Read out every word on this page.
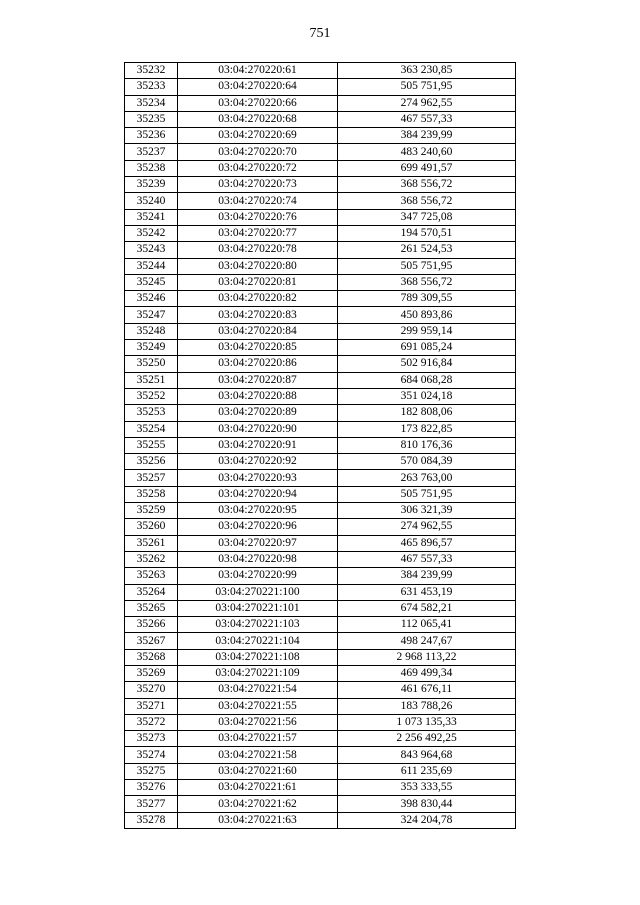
751
35232	03:04:270220:61	363 230,85
35233	03:04:270220:64	505 751,95
35234	03:04:270220:66	274 962,55
35235	03:04:270220:68	467 557,33
35236	03:04:270220:69	384 239,99
35237	03:04:270220:70	483 240,60
35238	03:04:270220:72	699 491,57
35239	03:04:270220:73	368 556,72
35240	03:04:270220:74	368 556,72
35241	03:04:270220:76	347 725,08
35242	03:04:270220:77	194 570,51
35243	03:04:270220:78	261 524,53
35244	03:04:270220:80	505 751,95
35245	03:04:270220:81	368 556,72
35246	03:04:270220:82	789 309,55
35247	03:04:270220:83	450 893,86
35248	03:04:270220:84	299 959,14
35249	03:04:270220:85	691 085,24
35250	03:04:270220:86	502 916,84
35251	03:04:270220:87	684 068,28
35252	03:04:270220:88	351 024,18
35253	03:04:270220:89	182 808,06
35254	03:04:270220:90	173 822,85
35255	03:04:270220:91	810 176,36
35256	03:04:270220:92	570 084,39
35257	03:04:270220:93	263 763,00
35258	03:04:270220:94	505 751,95
35259	03:04:270220:95	306 321,39
35260	03:04:270220:96	274 962,55
35261	03:04:270220:97	465 896,57
35262	03:04:270220:98	467 557,33
35263	03:04:270220:99	384 239,99
35264	03:04:270221:100	631 453,19
35265	03:04:270221:101	674 582,21
35266	03:04:270221:103	112 065,41
35267	03:04:270221:104	498 247,67
35268	03:04:270221:108	2 968 113,22
35269	03:04:270221:109	469 499,34
35270	03:04:270221:54	461 676,11
35271	03:04:270221:55	183 788,26
35272	03:04:270221:56	1 073 135,33
35273	03:04:270221:57	2 256 492,25
35274	03:04:270221:58	843 964,68
35275	03:04:270221:60	611 235,69
35276	03:04:270221:61	353 333,55
35277	03:04:270221:62	398 830,44
35278	03:04:270221:63	324 204,78
